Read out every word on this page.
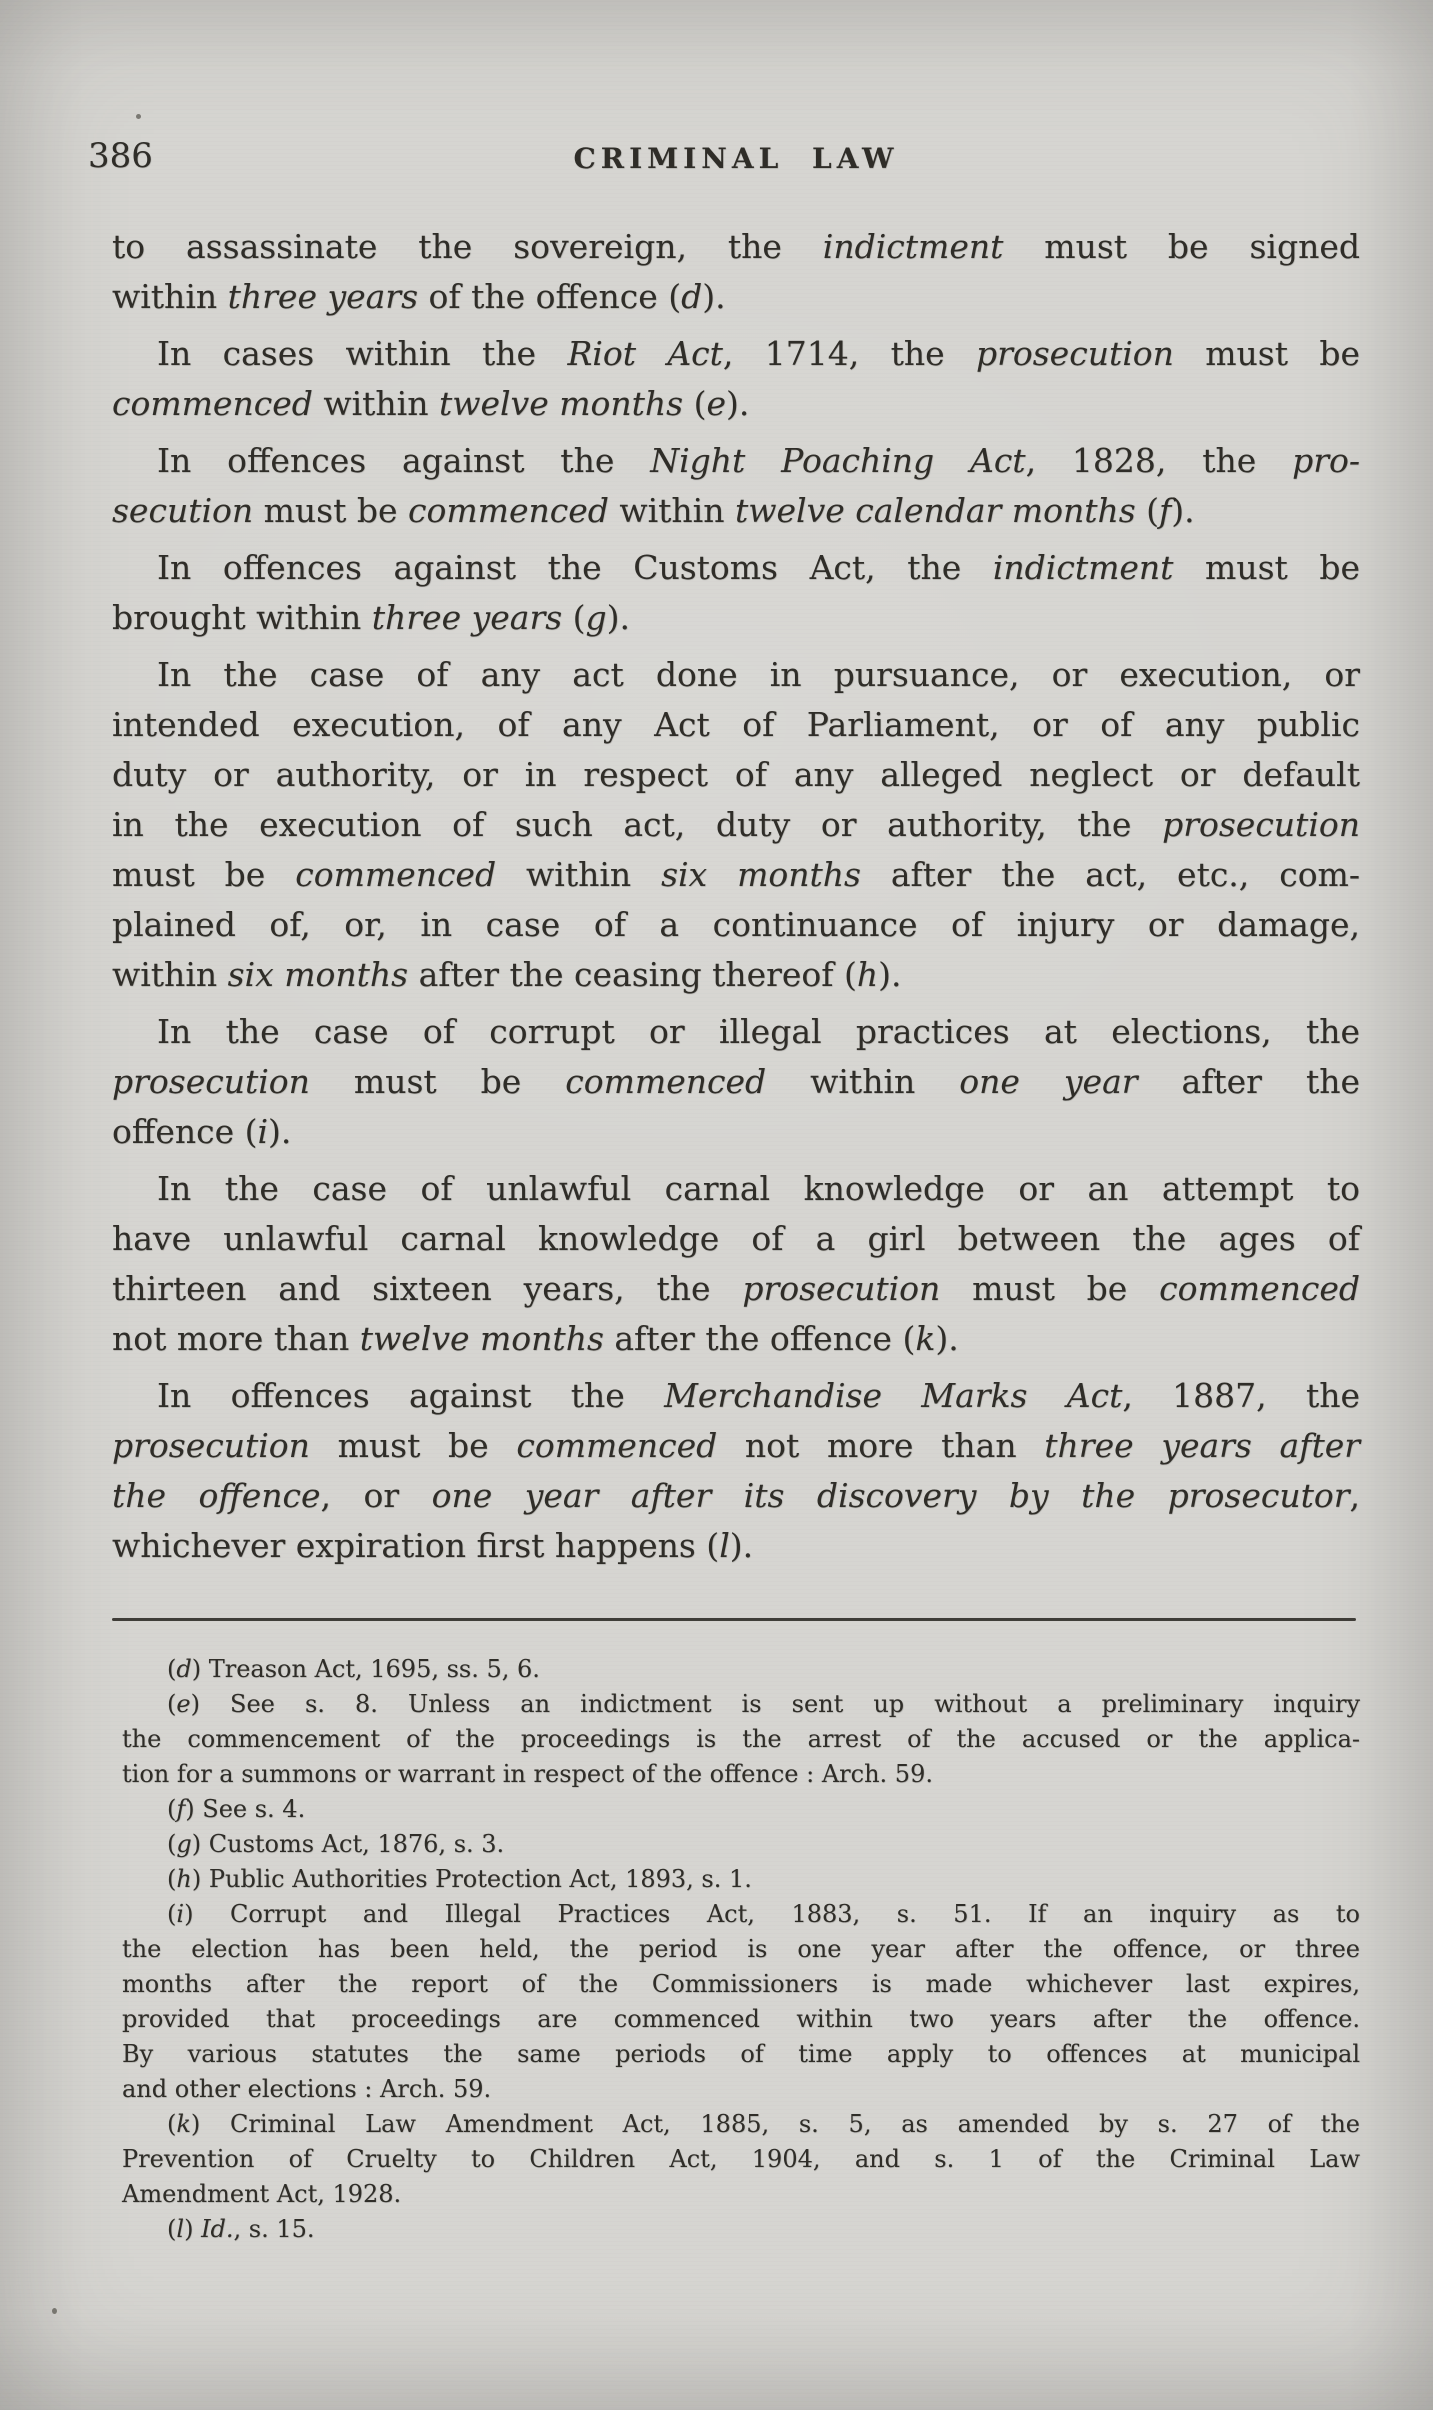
386	CRIMINAL LAW
to assassinate the sovereign, the indictment must be signed
within three years of the offence (d).
In cases within the Riot Act, 1714, the prosecution must be
commenced within twelve months (e).
In offences against the Night Poaching Act, 1828, the pro-
secution must be commenced within twelve calendar months (f).
In offences against the Customs Act, the indictment must be
brought within three years (g).
In the case of any act done in pursuance, or execution, or
intended execution, of any Act of Parliament, or of any public
duty or authority, or in respect of any alleged neglect or default
in the execution of such act, duty or authority, the prosecution
must be commenced within six months after the act, etc., com-
plained of, or, in case of a continuance of injury or damage,
within six months after the ceasing thereof (h).
In the case of corrupt or illegal practices at elections, the
prosecution must be commenced within one year after the
offence (i).
In the case of unlawful carnal knowledge or an attempt to
have unlawful carnal knowledge of a girl between the ages of
thirteen and sixteen years, the prosecution must be commenced
not more than twelve months after the offence (k).
In offences against the Merchandise Marks Act, 1887, the
prosecution must be commenced not more than three years after
the offence, or one year after its discovery by the prosecutor,
whichever expiration first happens (l).
(d) Treason Act, 1695, ss. 5, 6.
(e) See s. 8. Unless an indictment is sent up without a preliminary inquiry
the commencement of the proceedings is the arrest of the accused or the applica-
tion for a summons or warrant in respect of the offence : Arch. 59.
(f) See s. 4.
(g) Customs Act, 1876, s. 3.
(h) Public Authorities Protection Act, 1893, s. 1.
(i) Corrupt and Illegal Practices Act, 1883, s. 51. If an inquiry as to
the election has been held, the period is one year after the offence, or three
months after the report of the Commissioners is made whichever last expires,
provided that proceedings are commenced within two years after the offence.
By various statutes the same periods of time apply to offences at municipal
and other elections : Arch. 59.
(k) Criminal Law Amendment Act, 1885, s. 5, as amended by s. 27 of the
Prevention of Cruelty to Children Act, 1904, and s. 1 of the Criminal Law
Amendment Act, 1928.
(l) Id., s. 15.
